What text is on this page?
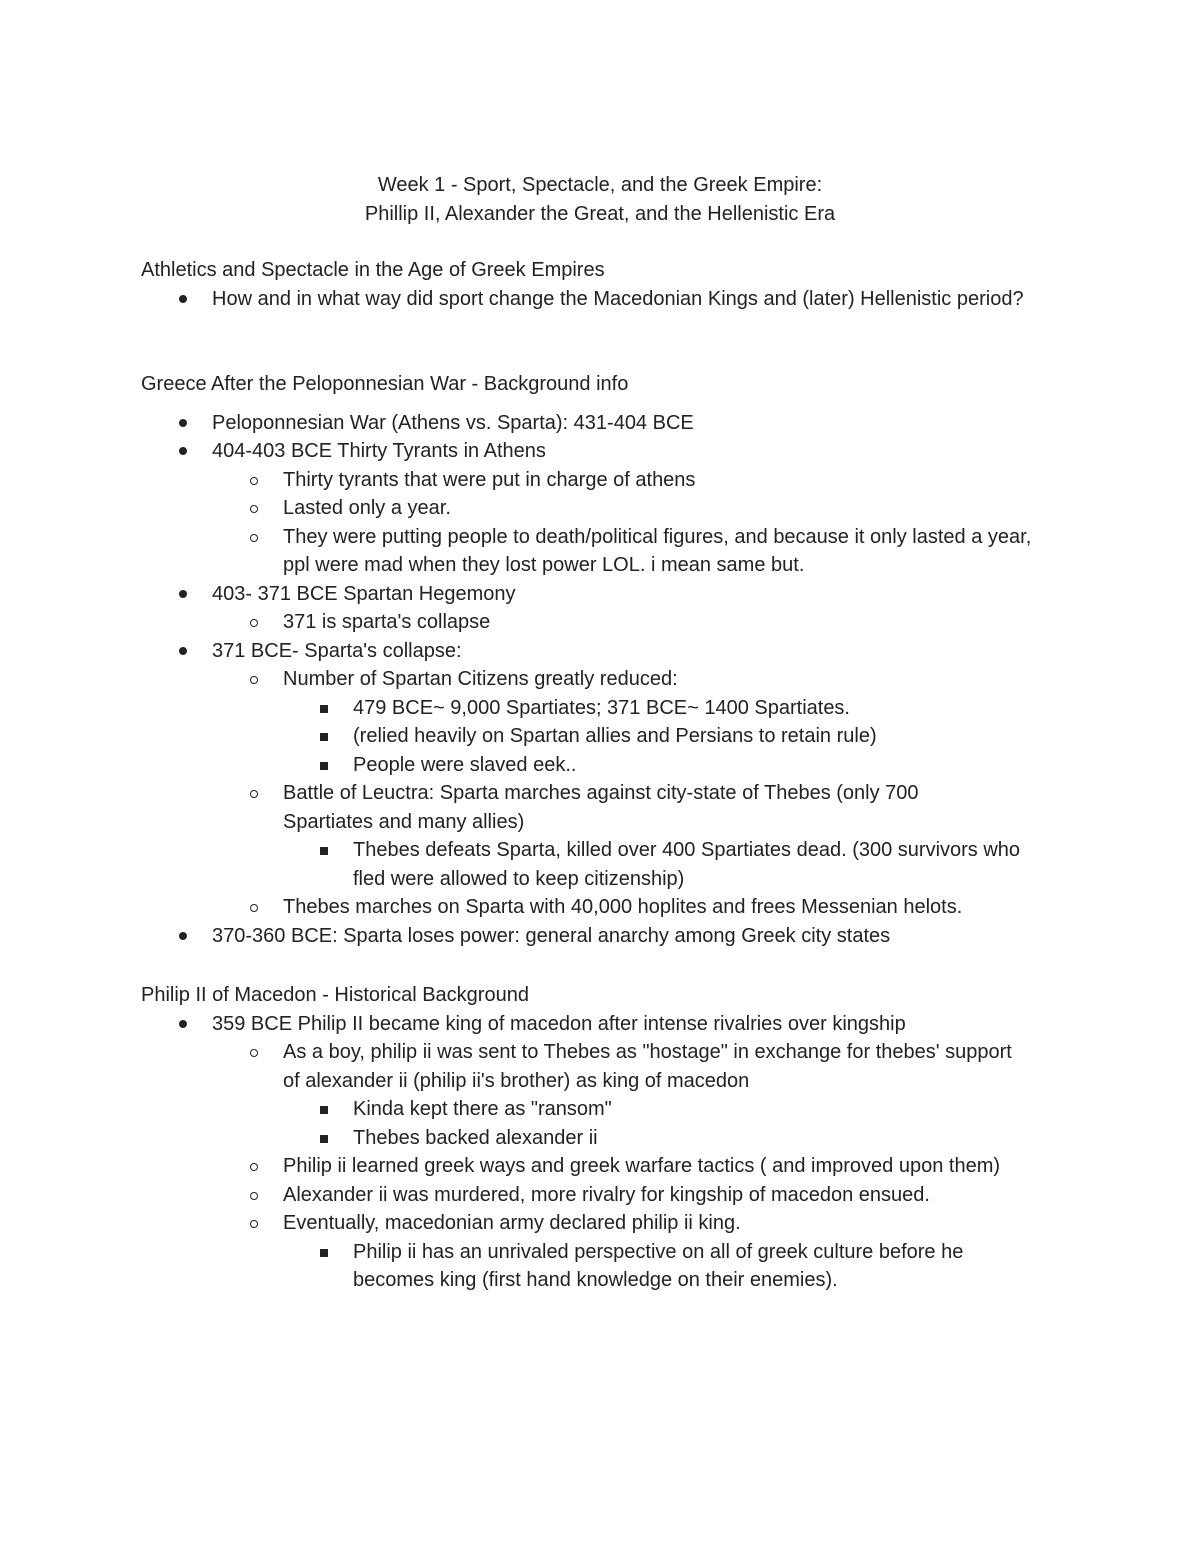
Week 1 - Sport, Spectacle, and the Greek Empire:
Phillip II, Alexander the Great, and the Hellenistic Era
Athletics and Spectacle in the Age of Greek Empires
How and in what way did sport change the Macedonian Kings and (later) Hellenistic period?
Greece After the Peloponnesian War - Background info
Peloponnesian War (Athens vs. Sparta): 431-404 BCE
404-403 BCE Thirty Tyrants in Athens
Thirty tyrants that were put in charge of athens
Lasted only a year.
They were putting people to death/political figures, and because it only lasted a year, ppl were mad when they lost power LOL. i mean same but.
403- 371 BCE Spartan Hegemony
371 is sparta's collapse
371 BCE- Sparta's collapse:
Number of Spartan Citizens greatly reduced:
479 BCE~ 9,000 Spartiates; 371 BCE~ 1400 Spartiates.
(relied heavily on Spartan allies and Persians to retain rule)
People were slaved eek..
Battle of Leuctra: Sparta marches against city-state of Thebes (only 700 Spartiates and many allies)
Thebes defeats Sparta, killed over 400 Spartiates dead. (300 survivors who fled were allowed to keep citizenship)
Thebes marches on Sparta with 40,000 hoplites and frees Messenian helots.
370-360 BCE: Sparta loses power: general anarchy among Greek city states
Philip II of Macedon - Historical Background
359 BCE Philip II became king of macedon after intense rivalries over kingship
As a boy, philip ii was sent to Thebes as "hostage" in exchange for thebes' support of alexander ii (philip ii's brother) as king of macedon
Kinda kept there as "ransom"
Thebes backed alexander ii
Philip ii learned greek ways and greek warfare tactics ( and improved upon them)
Alexander ii was murdered, more rivalry for kingship of macedon ensued.
Eventually, macedonian army declared philip ii king.
Philip ii has an unrivaled perspective on all of greek culture before he becomes king (first hand knowledge on their enemies).
